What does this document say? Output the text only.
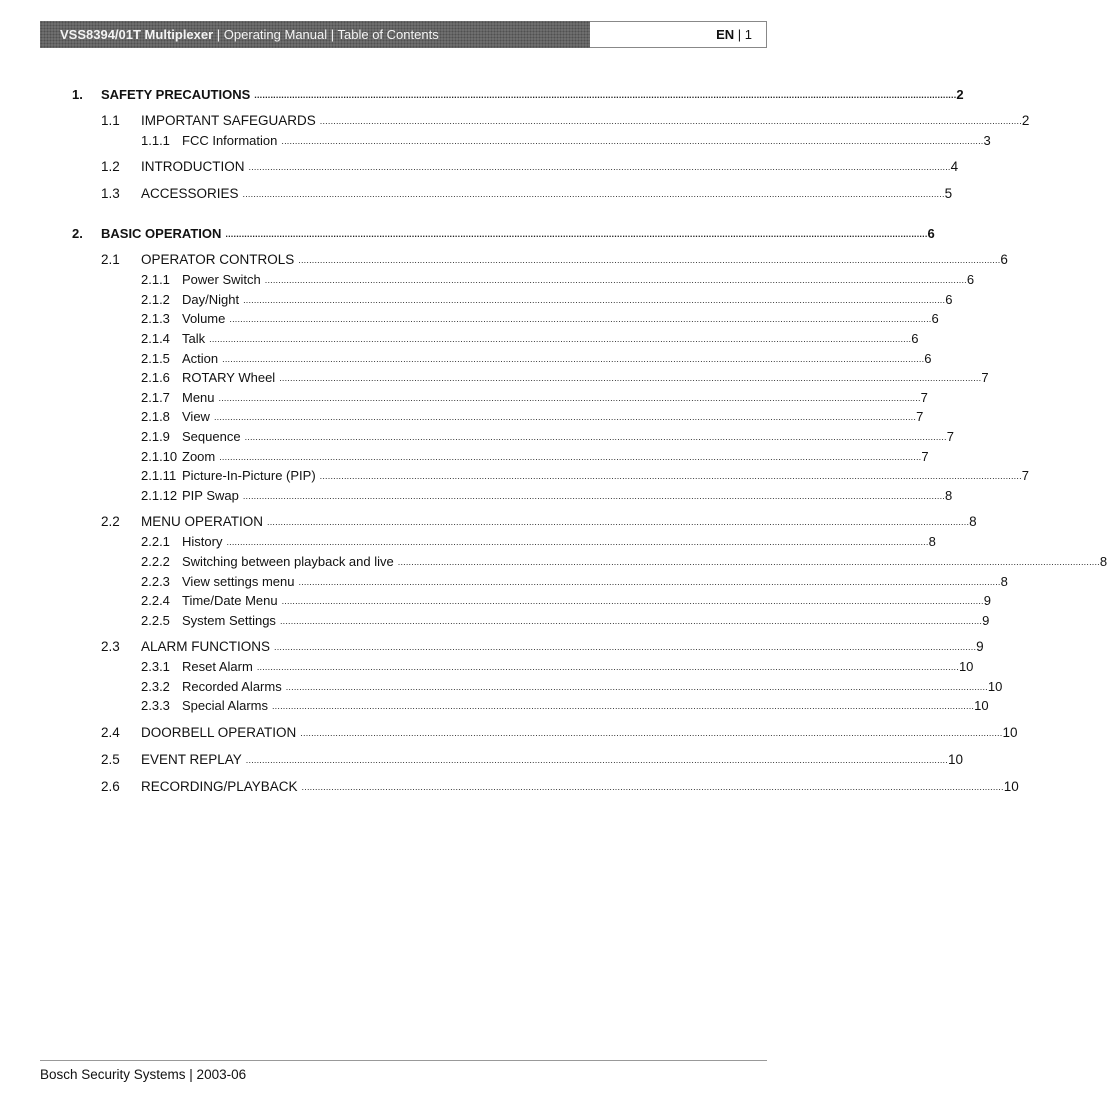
VSS8394/01T Multiplexer | Operating Manual | Table of Contents	EN | 1
1. SAFETY PRECAUTIONS .................................................................................................................................................................................................................................................................... 2
1.1 IMPORTANT SAFEGUARDS .................................................................................................................................................................................................................................................................... 2
1.1.1 FCC Information .................................................................................................................................................................................................................................................................... 3
1.2 INTRODUCTION .................................................................................................................................................................................................................................................................... 4
1.3 ACCESSORIES .................................................................................................................................................................................................................................................................... 5
2. BASIC OPERATION .................................................................................................................................................................................................................................................................... 6
2.1 OPERATOR CONTROLS .................................................................................................................................................................................................................................................................... 6
2.1.1 Power Switch .................................................................................................................................................................................................................................................................... 6
2.1.2 Day/Night .................................................................................................................................................................................................................................................................... 6
2.1.3 Volume .................................................................................................................................................................................................................................................................... 6
2.1.4 Talk .................................................................................................................................................................................................................................................................... 6
2.1.5 Action .................................................................................................................................................................................................................................................................... 6
2.1.6 ROTARY Wheel .................................................................................................................................................................................................................................................................... 7
2.1.7 Menu .................................................................................................................................................................................................................................................................... 7
2.1.8 View .................................................................................................................................................................................................................................................................... 7
2.1.9 Sequence .................................................................................................................................................................................................................................................................... 7
2.1.10 Zoom .................................................................................................................................................................................................................................................................... 7
2.1.11 Picture-In-Picture (PIP) .................................................................................................................................................................................................................................................................... 7
2.1.12 PIP Swap .................................................................................................................................................................................................................................................................... 8
2.2 MENU OPERATION .................................................................................................................................................................................................................................................................... 8
2.2.1 History .................................................................................................................................................................................................................................................................... 8
2.2.2 Switching between playback and live .................................................................................................................................................................................................................................................................... 8
2.2.3 View settings menu .................................................................................................................................................................................................................................................................... 8
2.2.4 Time/Date Menu .................................................................................................................................................................................................................................................................... 9
2.2.5 System Settings .................................................................................................................................................................................................................................................................... 9
2.3 ALARM FUNCTIONS .................................................................................................................................................................................................................................................................... 9
2.3.1 Reset Alarm .................................................................................................................................................................................................................................................................... 10
2.3.2 Recorded Alarms .................................................................................................................................................................................................................................................................... 10
2.3.3 Special Alarms .................................................................................................................................................................................................................................................................... 10
2.4 DOORBELL OPERATION .................................................................................................................................................................................................................................................................... 10
2.5 EVENT REPLAY .................................................................................................................................................................................................................................................................... 10
2.6 RECORDING/PLAYBACK .................................................................................................................................................................................................................................................................... 10
Bosch Security Systems | 2003-06
